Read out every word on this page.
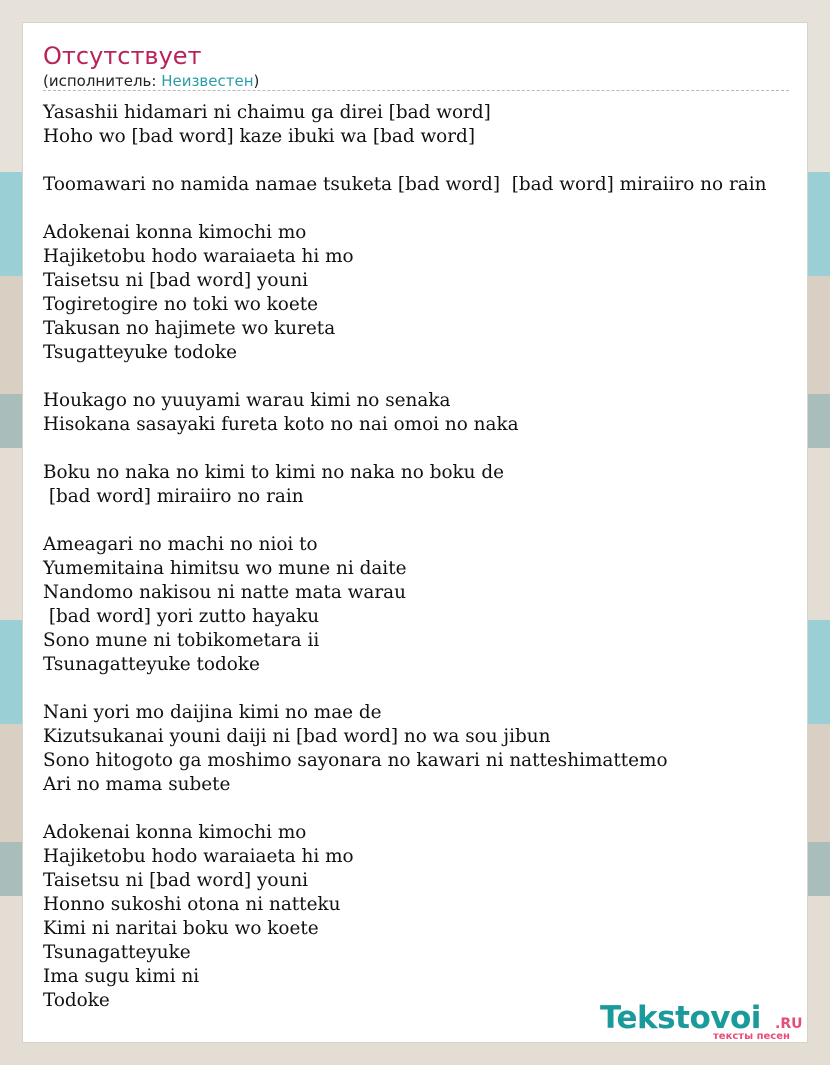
Отсутствует
(исполнитель: Неизвестен)
Yasashii hidamari ni chaimu ga direi [bad word]
Hoho wo [bad word] kaze ibuki wa [bad word]
Toomawari no namida namae tsuketa [bad word]  [bad word] miraiiro no rain
Adokenai konna kimochi mo
Hajiketobu hodo waraiaeta hi mo
Taisetsu ni [bad word] youni
Togiretogire no toki wo koete
Takusan no hajimete wo kureta
Tsugatteyuke todoke
Houkago no yuuyami warau kimi no senaka
Hisokana sasayaki fureta koto no nai omoi no naka
Boku no naka no kimi to kimi no naka no boku de
[bad word] miraiiro no rain
Ameagari no machi no nioi to
Yumemitaina himitsu wo mune ni daite
Nandomo nakisou ni natte mata warau
[bad word] yori zutto hayaku
Sono mune ni tobikometara ii
Tsunagatteyuke todoke
Nani yori mo daijina kimi no mae de
Kizutsukanai youni daiji ni [bad word] no wa sou jibun
Sono hitogoto ga moshimo sayonara no kawari ni natteshimattemo
Ari no mama subete
Adokenai konna kimochi mo
Hajiketobu hodo waraiaeta hi mo
Taisetsu ni [bad word] youni
Honno sukoshi otona ni natteku
Kimi ni naritai boku wo koete
Tsunagatteyuke
Ima sugu kimi ni
Todoke	Tekstovoi .RU
тексты песен
